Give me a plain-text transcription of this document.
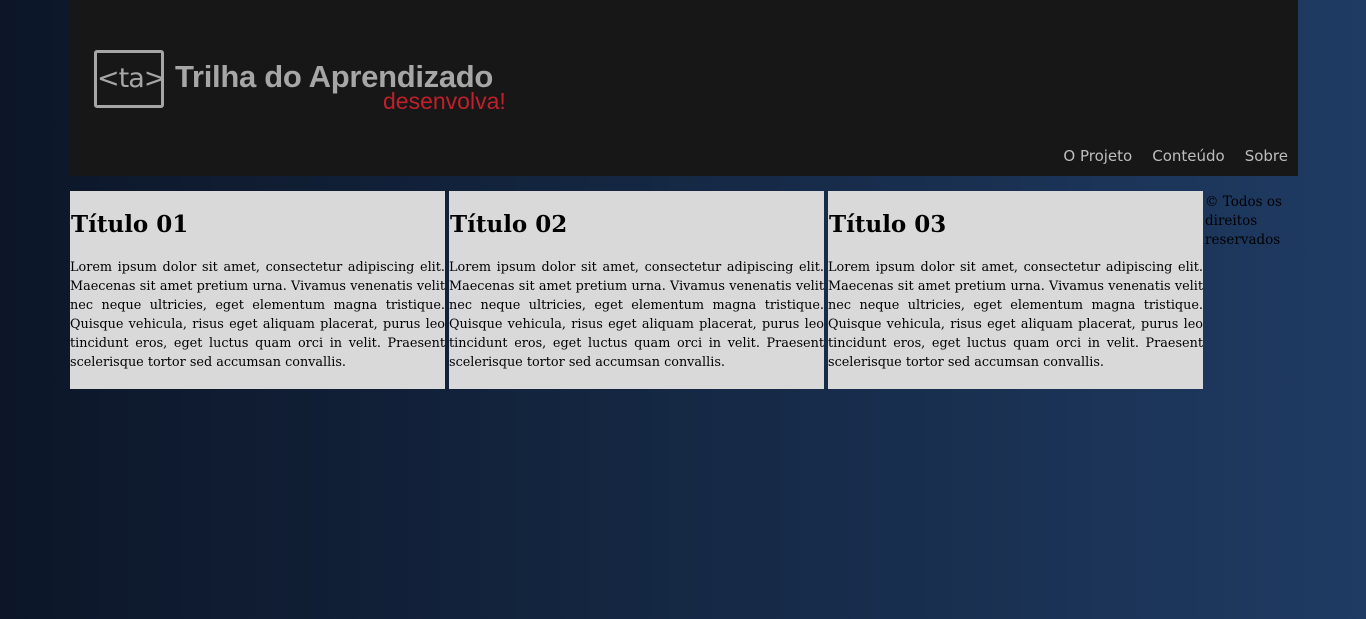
<ta> Trilha do Aprendizado
desenvolva!
O Projeto Conteúdo Sobre
Título 01

Lorem ipsum dolor sit amet, consectetur adipiscing elit. Maecenas sit amet pretium urna. Vivamus venenatis velit nec neque ultricies, eget elementum magna tristique. Quisque vehicula, risus eget aliquam placerat, purus leo tincidunt eros, eget luctus quam orci in velit. Praesent scelerisque tortor sed accumsan convallis.

Título 02

Lorem ipsum dolor sit amet, consectetur adipiscing elit. Maecenas sit amet pretium urna. Vivamus venenatis velit nec neque ultricies, eget elementum magna tristique. Quisque vehicula, risus eget aliquam placerat, purus leo tincidunt eros, eget luctus quam orci in velit. Praesent scelerisque tortor sed accumsan convallis.

Título 03

Lorem ipsum dolor sit amet, consectetur adipiscing elit. Maecenas sit amet pretium urna. Vivamus venenatis velit nec neque ultricies, eget elementum magna tristique. Quisque vehicula, risus eget aliquam placerat, purus leo tincidunt eros, eget luctus quam orci in velit. Praesent scelerisque tortor sed accumsan convallis.

© Todos os direitos reservados
